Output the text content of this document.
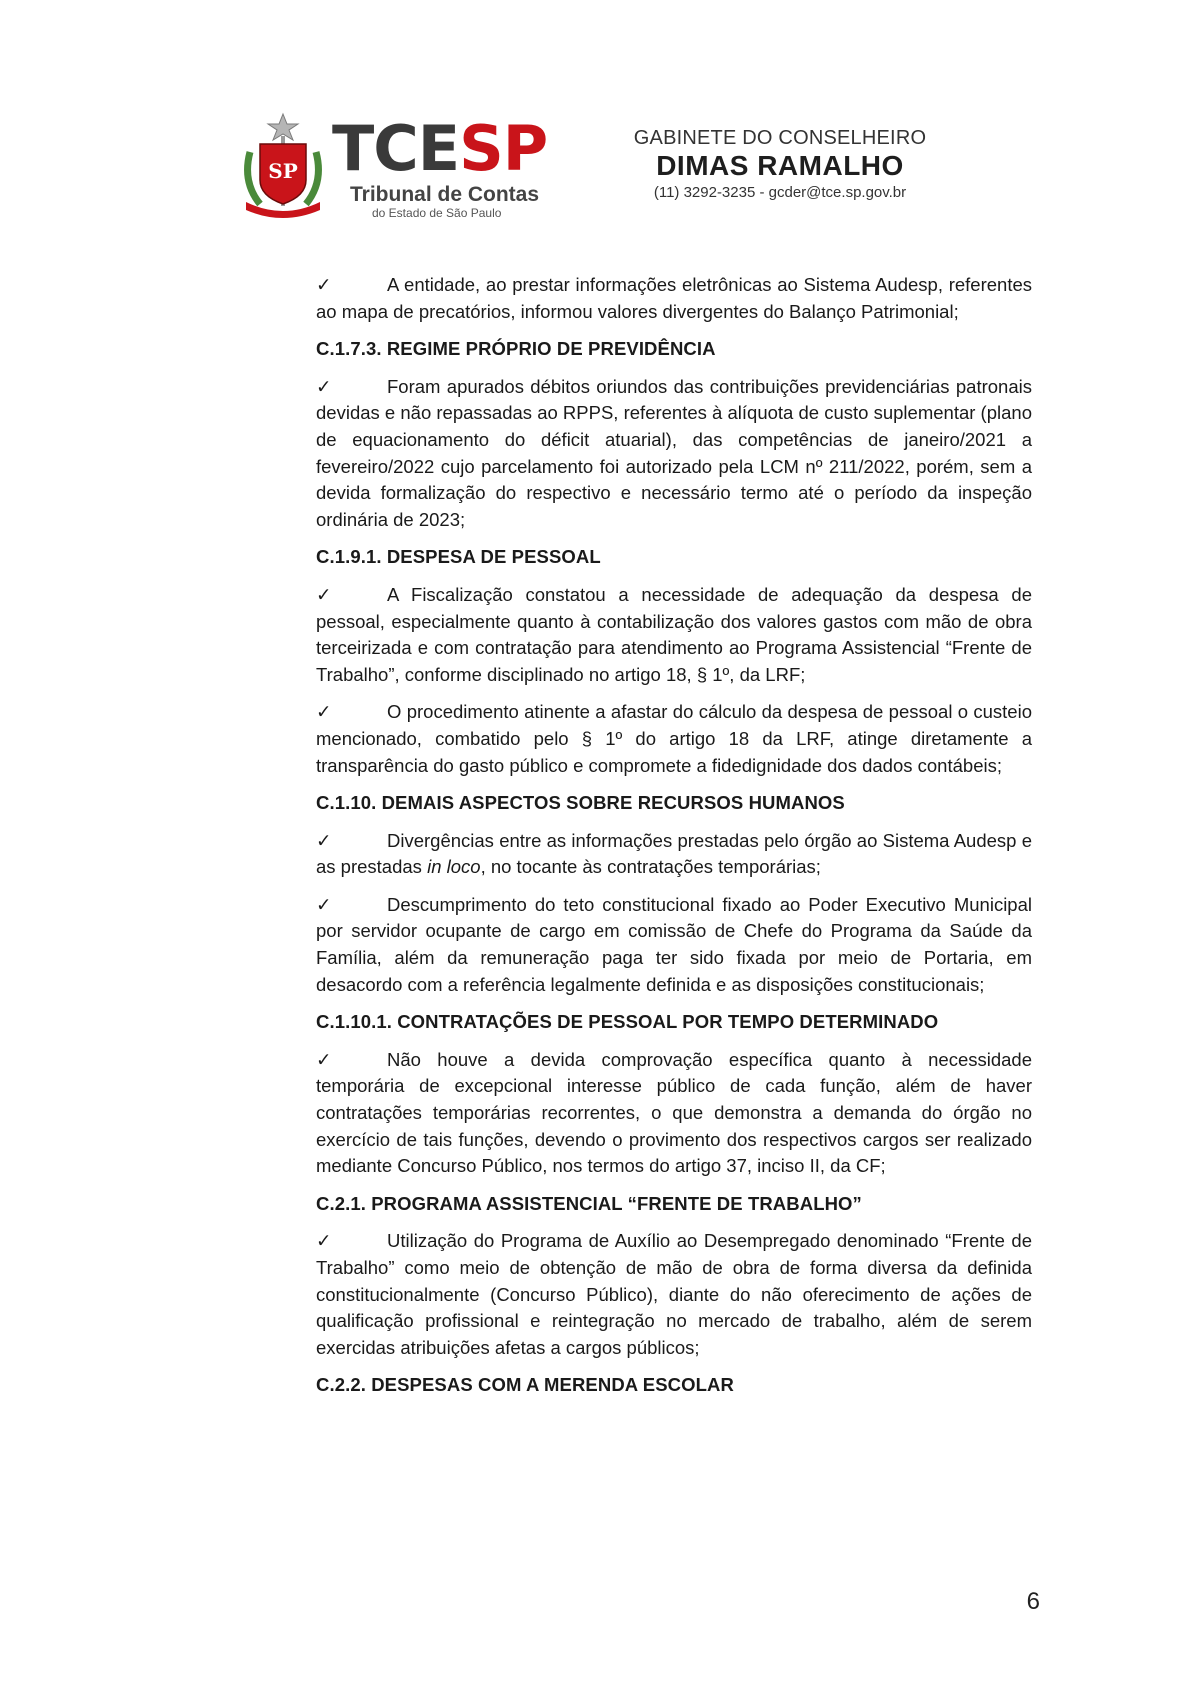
SP TCESP
Tribunal de Contas
do Estado de São Paulo
GABINETE DO CONSELHEIRO
DIMAS RAMALHO
(11) 3292-3235 - gcder@tce.sp.gov.br

✓	A entidade, ao prestar informações eletrônicas ao Sistema Audesp, referentes ao mapa de precatórios, informou valores divergentes do Balanço Patrimonial;

C.1.7.3. REGIME PRÓPRIO DE PREVIDÊNCIA

✓	Foram apurados débitos oriundos das contribuições previdenciárias patronais devidas e não repassadas ao RPPS, referentes à alíquota de custo suplementar (plano de equacionamento do déficit atuarial), das competências de janeiro/2021 a fevereiro/2022 cujo parcelamento foi autorizado pela LCM nº 211/2022, porém, sem a devida formalização do respectivo e necessário termo até o período da inspeção ordinária de 2023;

C.1.9.1. DESPESA DE PESSOAL

✓	A Fiscalização constatou a necessidade de adequação da despesa de pessoal, especialmente quanto à contabilização dos valores gastos com mão de obra terceirizada e com contratação para atendimento ao Programa Assistencial “Frente de Trabalho”, conforme disciplinado no artigo 18, § 1º, da LRF;

✓	O procedimento atinente a afastar do cálculo da despesa de pessoal o custeio mencionado, combatido pelo § 1º do artigo 18 da LRF, atinge diretamente a transparência do gasto público e compromete a fidedignidade dos dados contábeis;

C.1.10. DEMAIS ASPECTOS SOBRE RECURSOS HUMANOS

✓	Divergências entre as informações prestadas pelo órgão ao Sistema Audesp e as prestadas in loco, no tocante às contratações temporárias;

✓	Descumprimento do teto constitucional fixado ao Poder Executivo Municipal por servidor ocupante de cargo em comissão de Chefe do Programa da Saúde da Família, além da remuneração paga ter sido fixada por meio de Portaria, em desacordo com a referência legalmente definida e as disposições constitucionais;

C.1.10.1. CONTRATAÇÕES DE PESSOAL POR TEMPO DETERMINADO

✓	Não houve a devida comprovação específica quanto à necessidade temporária de excepcional interesse público de cada função, além de haver contratações temporárias recorrentes, o que demonstra a demanda do órgão no exercício de tais funções, devendo o provimento dos respectivos cargos ser realizado mediante Concurso Público, nos termos do artigo 37, inciso II, da CF;

C.2.1. PROGRAMA ASSISTENCIAL “FRENTE DE TRABALHO”

✓	Utilização do Programa de Auxílio ao Desempregado denominado “Frente de Trabalho” como meio de obtenção de mão de obra de forma diversa da definida constitucionalmente (Concurso Público), diante do não oferecimento de ações de qualificação profissional e reintegração no mercado de trabalho, além de serem exercidas atribuições afetas a cargos públicos;

C.2.2. DESPESAS COM A MERENDA ESCOLAR
6
